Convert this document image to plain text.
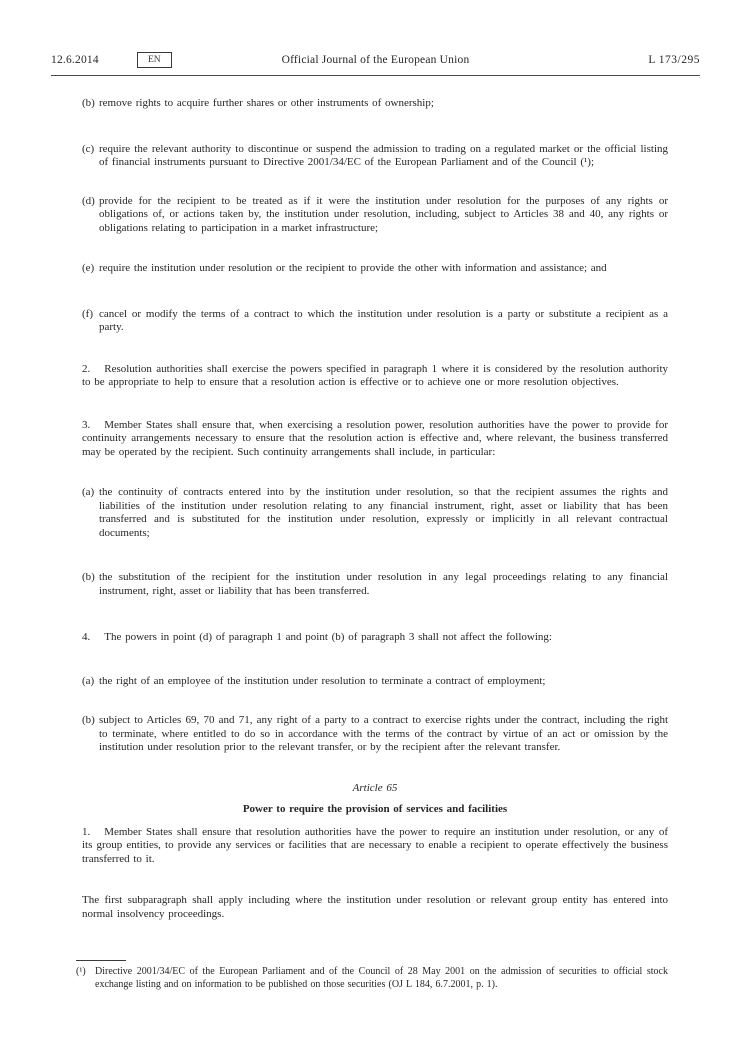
12.6.2014	EN	Official Journal of the European Union	L 173/295
(b) remove rights to acquire further shares or other instruments of ownership;
(c) require the relevant authority to discontinue or suspend the admission to trading on a regulated market or the official listing of financial instruments pursuant to Directive 2001/34/EC of the European Parliament and of the Council (¹);
(d) provide for the recipient to be treated as if it were the institution under resolution for the purposes of any rights or obligations of, or actions taken by, the institution under resolution, including, subject to Articles 38 and 40, any rights or obligations relating to participation in a market infrastructure;
(e) require the institution under resolution or the recipient to provide the other with information and assistance; and
(f) cancel or modify the terms of a contract to which the institution under resolution is a party or substitute a recipient as a party.

2. Resolution authorities shall exercise the powers specified in paragraph 1 where it is considered by the resolution authority to be appropriate to help to ensure that a resolution action is effective or to achieve one or more resolution objectives.

3. Member States shall ensure that, when exercising a resolution power, resolution authorities have the power to provide for continuity arrangements necessary to ensure that the resolution action is effective and, where relevant, the business transferred may be operated by the recipient. Such continuity arrangements shall include, in particular:

(a) the continuity of contracts entered into by the institution under resolution, so that the recipient assumes the rights and liabilities of the institution under resolution relating to any financial instrument, right, asset or liability that has been transferred and is substituted for the institution under resolution, expressly or implicitly in all relevant contractual documents;
(b) the substitution of the recipient for the institution under resolution in any legal proceedings relating to any financial instrument, right, asset or liability that has been transferred.

4. The powers in point (d) of paragraph 1 and point (b) of paragraph 3 shall not affect the following:

(a) the right of an employee of the institution under resolution to terminate a contract of employment;
(b) subject to Articles 69, 70 and 71, any right of a party to a contract to exercise rights under the contract, including the right to terminate, where entitled to do so in accordance with the terms of the contract by virtue of an act or omission by the institution under resolution prior to the relevant transfer, or by the recipient after the relevant transfer.
Article 65
Power to require the provision of services and facilities

1. Member States shall ensure that resolution authorities have the power to require an institution under resolution, or any of its group entities, to provide any services or facilities that are necessary to enable a recipient to operate effectively the business transferred to it.

The first subparagraph shall apply including where the institution under resolution or relevant group entity has entered into normal insolvency proceedings.

(¹) Directive 2001/34/EC of the European Parliament and of the Council of 28 May 2001 on the admission of securities to official stock exchange listing and on information to be published on those securities (OJ L 184, 6.7.2001, p. 1).
